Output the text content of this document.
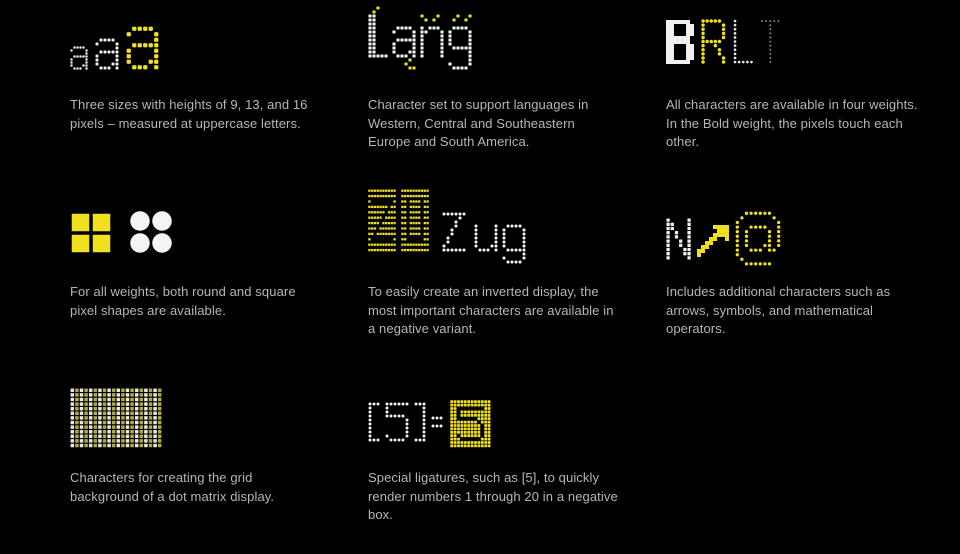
Three sizes with heights of 9, 13, and 16 pixels – measured at uppercase letters.

Character set to support languages in Western, Central and Southeastern Europe and South America.

All characters are available in four weights. In the Bold weight, the pixels touch each other.

For all weights, both round and square pixel shapes are available.

To easily create an inverted display, the most important characters are available in a negative variant.

Includes additional characters such as arrows, symbols, and mathematical operators.

Characters for creating the grid background of a dot matrix display.

Special ligatures, such as [5], to quickly render numbers 1 through 20 in a negative box.
